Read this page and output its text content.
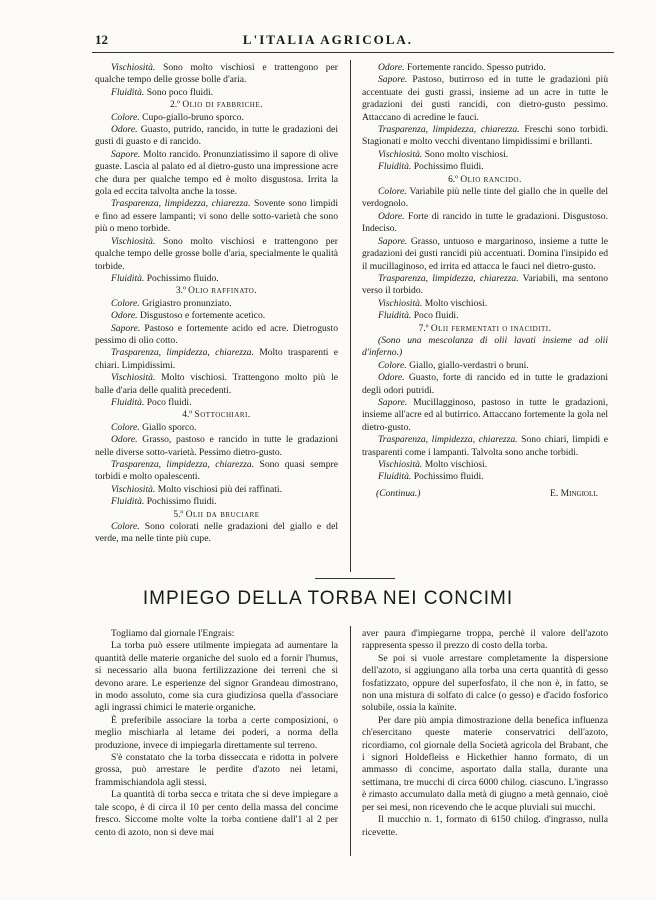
12	L'ITALIA AGRICOLA.

Vischiosità. Sono molto vischiosi e trattengono per qualche tempo delle grosse bolle d'aria.

Fluidità. Sono poco fluidi.

2.º Olio di fabbriche.

Colore. Cupo-giallo-bruno sporco.

Odore. Guasto, putrido, rancido, in tutte le gradazioni dei gusti di guasto e di rancido.

Sapore. Molto rancido. Pronunziatissimo il sapore di olive guaste. Lascia al palato ed al dietro-gusto una impressione acre che dura per qualche tempo ed è molto disgustosa. Irrita la gola ed eccita talvolta anche la tosse.

Trasparenza, limpidezza, chiarezza. Sovente sono limpidi e fino ad essere lampanti; vi sono delle sotto-varietà che sono più o meno torbide.

Vischiosità. Sono molto vischiosi e trattengono per qualche tempo delle grosse bolle d'aria, specialmente le qualità torbide.

Fluidità. Pochissimo fluido.

3.º Olio raffinato.

Colore. Grigiastro pronunziato.

Odore. Disgustoso e fortemente acetico.

Sapore. Pastoso e fortemente acido ed acre. Dietrogusto pessimo di olio cotto.

Trasparenza, limpidezza, chiarezza. Molto trasparenti e chiari. Limpidissimi.

Vischiosità. Molto vischiosi. Trattengono molto più le balle d'aria delle qualità precedenti.

Fluidità. Poco fluidi.

4.º Sottochiari.

Colore. Giallo sporco.

Odore. Grasso, pastoso e rancido in tutte le gradazioni nelle diverse sotto-varietà. Pessimo dietro-gusto.

Trasparenza, limpidezza, chiarezza. Sono quasi sempre torbidi e molto opalescenti.

Vischiosità. Molto vischiosi più dei raffinati.

Fluidità. Pochissimo fluidi.

5.º Olii da bruciare

Colore. Sono colorati nelle gradazioni del giallo e del verde, ma nelle tinte più cupe.

Odore. Fortemente rancido. Spesso putrido.

Sapore. Pastoso, butirroso ed in tutte le gradazioni più accentuate dei gusti grassi, insieme ad un acre in tutte le gradazioni dei gusti rancidi, con dietro-gusto pessimo. Attaccano di acredine le fauci.

Trasparenza, limpidezza, chiarezza. Freschi sono torbidi. Stagionati e molto vecchi diventano limpidissimi e brillanti.

Vischiosità. Sono molto vischiosi.

Fluidità. Pochissimo fluidi.

6.º Olio rancido.

Colore. Variabile più nelle tinte del giallo che in quelle del verdognolo.

Odore. Forte di rancido in tutte le gradazioni. Disgustoso. Indeciso.

Sapore. Grasso, untuoso e margarinoso, insieme a tutte le gradazioni dei gusti rancidi più accentuati. Domina l'insipido ed il mucillaginoso, ed irrita ed attacca le fauci nel dietro-gusto.

Trasparenza, limpidezza, chiarezza. Variabili, ma sentono verso il torbido.

Vischiosità. Molto vischiosi.

Fluidità. Poco fluidi.

7.º Olii fermentati o inaciditi.

(Sono una mescolanza di olii lavati insieme ad olii d'inferno.)

Colore. Giallo, giallo-verdastri o bruni.

Odore. Guasto, forte di rancido ed in tutte le gradazioni degli odori putridi.

Sapore. Mucillagginoso, pastoso in tutte le gradazioni, insieme all'acre ed al butirrico. Attaccano fortemente la gola nel dietro-gusto.

Trasparenza, limpidezza, chiarezza. Sono chiari, limpidi e trasparenti come i lampanti. Talvolta sono anche torbidi.

Vischiosità. Molto vischiosi.

Fluidità. Pochissimo fluidi.

(Continua.)	E. Mingioli.
IMPIEGO DELLA TORBA NEI CONCIMI

Togliamo dal giornale l'Engrais:

La torba può essere utilmente impiegata ad aumentare la quantità delle materie organiche del suolo ed a fornir l'humus, si necessario alla buona fertilizzazione dei terreni che si devono arare. Le esperienze del signor Grandeau dimostrano, in modo assoluto, come sia cura giudiziosa quella d'associare agli ingrassi chimici le materie organiche.

È preferibile associare la torba a certe composizioni, o meglio mischiarla al letame dei poderi, a norma della produzione, invece di impiegarla direttamente sul terreno.

S'è constatato che la torba disseccata e ridotta in polvere grossa, può arrestare le perdite d'azoto nei letami, frammischiandola agli stessi.

La quantità di torba secca e tritata che si deve impiegare a tale scopo, è di circa il 10 per cento della massa del concime fresco. Siccome molte volte la torba contiene dall'1 al 2 per cento di azoto, non si deve mai

aver paura d'impiegarne troppa, perchè il valore dell'azoto rappresenta spesso il prezzo di costo della torba.

Se poi si vuole arrestare completamente la dispersione dell'azoto, si aggiungano alla torba una certa quantità di gesso fosfatizzato, oppure del superfosfato, il che non è, in fatto, se non una mistura di solfato di calce (o gesso) e d'acido fosforico solubile, ossia la kaïnite.

Per dare più ampia dimostrazione della benefica influenza ch'esercitano queste materie conservatrici dell'azoto, ricordiamo, col giornale della Società agricola del Brabant, che i signori Holdefleiss e Hickethier hanno formato, di un ammasso di concime, asportato dalla stalla, durante una settimana, tre mucchi di circa 6000 chilog. ciascuno. L'ingrasso è rimasto accumulato dalla metà di giugno a metà gennaio, cioè per sei mesi, non ricevendo che le acque pluviali sui mucchi.

Il mucchio n. 1, formato di 6150 chilog. d'ingrasso, nulla ricevette.
